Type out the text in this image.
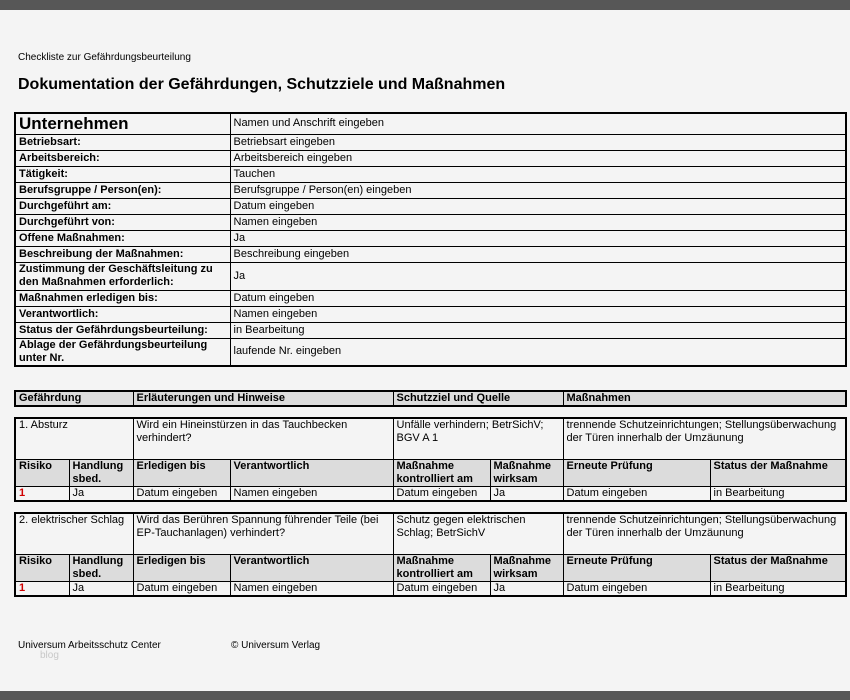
Checkliste zur Gefährdungsbeurteilung
Dokumentation der Gefährdungen, Schutzziele und Maßnahmen
Unternehmen	Namen und Anschrift eingeben
Betriebsart:	Betriebsart eingeben
Arbeitsbereich:	Arbeitsbereich eingeben
Tätigkeit:	Tauchen
Berufsgruppe / Person(en):	Berufsgruppe / Person(en) eingeben
Durchgeführt am:	Datum eingeben
Durchgeführt von:	Namen eingeben
Offene Maßnahmen:	Ja
Beschreibung der Maßnahmen:	Beschreibung eingeben
Zustimmung der Geschäftsleitung zu den Maßnahmen erforderlich:	Ja
Maßnahmen erledigen bis:	Datum eingeben
Verantwortlich:	Namen eingeben
Status der Gefährdungsbeurteilung:	in Bearbeitung
Ablage der Gefährdungsbeurteilung unter Nr.	laufende Nr. eingeben
Gefährdung	Erläuterungen und Hinweise	Schutzziel und Quelle	Maßnahmen
1. Absturz		Wird ein Hineinstürzen in das Tauchbecken verhindert?		Unfälle verhindern; BetrSichV; BGV A 1		trennende Schutzeinrichtungen; Stellungsüberwachung der Türen innerhalb der Umzäunung	
Risiko	Handlung sbed.	Erledigen bis	Verantwortlich	Maßnahme kontrolliert am	Maßnahme wirksam	Erneute Prüfung	Status der Maßnahme
1	Ja	Datum eingeben	Namen eingeben	Datum eingeben	Ja	Datum eingeben	in Bearbeitung
2. elektrischer Schlag		Wird das Berühren Spannung führender Teile (bei EP-Tauchanlagen) verhindert?		Schutz gegen elektrischen Schlag; BetrSichV		trennende Schutzeinrichtungen; Stellungsüberwachung der Türen innerhalb der Umzäunung	
Risiko	Handlung sbed.	Erledigen bis	Verantwortlich	Maßnahme kontrolliert am	Maßnahme wirksam	Erneute Prüfung	Status der Maßnahme
1	Ja	Datum eingeben	Namen eingeben	Datum eingeben	Ja	Datum eingeben	in Bearbeitung
Universum Arbeitsschutz Center
blog
© Universum Verlag
